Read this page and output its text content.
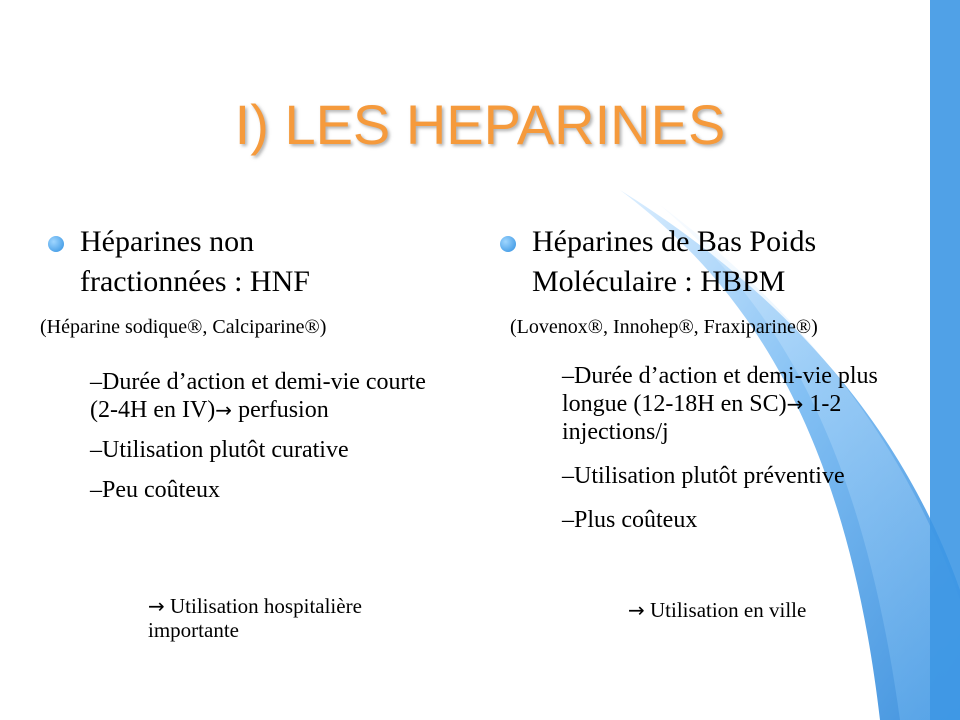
I) LES HEPARINES
Héparines non fractionnées : HNF
(Héparine sodique®, Calciparine®)

–Durée d’action et demi-vie courte (2-4H en IV)→ perfusion

–Utilisation plutôt curative

–Peu coûteux

→ Utilisation hospitalière importante
Héparines de Bas Poids Moléculaire : HBPM
(Lovenox®, Innohep®, Fraxiparine®)

–Durée d’action et demi-vie plus longue (12-18H en SC)→ 1-2 injections/j

–Utilisation plutôt préventive

–Plus coûteux

→ Utilisation en ville
